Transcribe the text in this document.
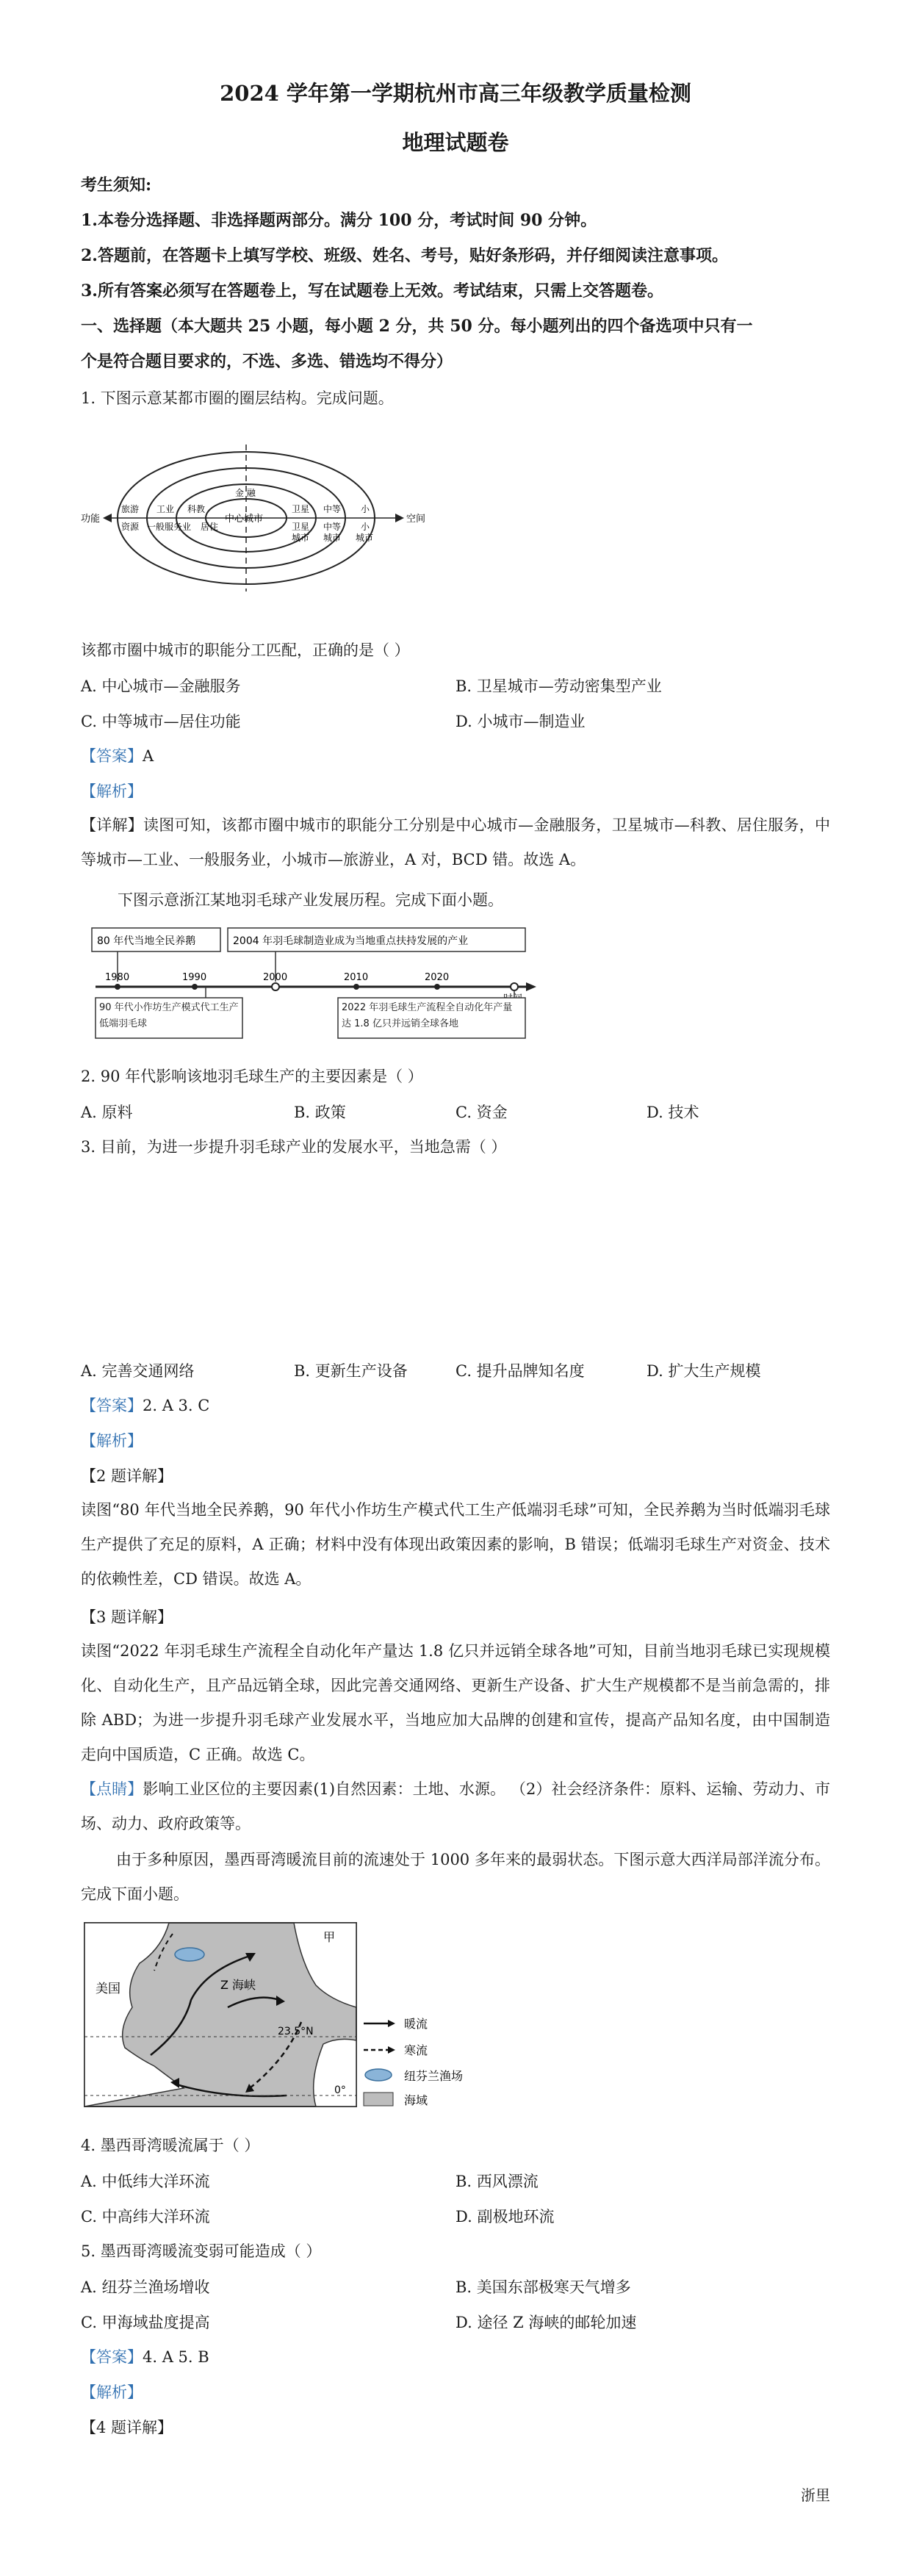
2024 学年第一学期杭州市高三年级教学质量检测
地理试题卷
考生须知:
1.本卷分选择题、非选择题两部分。满分 100 分，考试时间 90 分钟。
2.答题前，在答题卡上填写学校、班级、姓名、考号，贴好条形码，并仔细阅读注意事项。
3.所有答案必须写在答题卷上，写在试题卷上无效。考试结束，只需上交答题卷。
一、选择题（本大题共 25 小题，每小题 2 分，共 50 分。每小题列出的四个备选项中只有一
个是符合题目要求的，不选、多选、错选均不得分）
1. 下图示意某都市圈的圈层结构。完成问题。
功能	空间
旅游 工业 科教
金 融
卫星 中等 小
资源 一般服务业 居住
中心城市
卫星
城市
中等
城市
小
城市
该都市圈中城市的职能分工匹配，正确的是（ ）
A. 中心城市—金融服务	B. 卫星城市—劳动密集型产业
C. 中等城市—居住功能	D. 小城市—制造业
【答案】A
【解析】
【详解】读图可知，该都市圈中城市的职能分工分别是中心城市—金融服务，卫星城市—科教、居住服务，中等城市—工业、一般服务业，小城市—旅游业，A 对，BCD 错。故选 A。
下图示意浙江某地羽毛球产业发展历程。完成下面小题。
80 年代当地全民养鹅	2004 年羽毛球制造业成为当地重点扶持发展的产业
1980	1990	2000	2010	2020
90 年代小作坊生产模式代工生产低端羽毛球
2022 年羽毛球生产流程全自动化年产量达 1.8 亿只并远销全球各地
2. 90 年代影响该地羽毛球生产的主要因素是（ ）
A. 原料	B. 政策	C. 资金	D. 技术
3. 目前，为进一步提升羽毛球产业的发展水平，当地急需（ ）
A. 完善交通网络	B. 更新生产设备	C. 提升品牌知名度	D. 扩大生产规模
【答案】2. A 3. C
【解析】
【2 题详解】
读图“80 年代当地全民养鹅，90 年代小作坊生产模式代工生产低端羽毛球”可知，全民养鹅为当时低端羽毛球生产提供了充足的原料，A 正确；材料中没有体现出政策因素的影响，B 错误；低端羽毛球生产对资金、技术的依赖性差，CD 错误。故选 A。
【3 题详解】
读图“2022 年羽毛球生产流程全自动化年产量达 1.8 亿只并远销全球各地”可知，目前当地羽毛球已实现规模化、自动化生产，且产品远销全球，因此完善交通网络、更新生产设备、扩大生产规模都不是当前急需的，排除 ABD；为进一步提升羽毛球产业发展水平，当地应加大品牌的创建和宣传，提高产品知名度，由中国制造走向中国质造，C 正确。故选 C。
【点睛】影响工业区位的主要因素(1)自然因素：土地、水源。 （2）社会经济条件：原料、运输、劳动力、市场、动力、政府政策等。
由于多种原因，墨西哥湾暖流目前的流速处于 1000 多年来的最弱状态。下图示意大西洋局部洋流分布。完成下面小题。
美国	Z 海峡
甲
23.5°N
0°
暖流
寒流
纽芬兰渔场
海域
4. 墨西哥湾暖流属于（ ）
A. 中低纬大洋环流	B. 西风漂流
C. 中高纬大洋环流	D. 副极地环流
5. 墨西哥湾暖流变弱可能造成（ ）
A. 纽芬兰渔场增收	B. 美国东部极寒天气增多
C. 甲海域盐度提高	D. 途径 Z 海峡的邮轮加速
【答案】4. A 5. B
【解析】
【4 题详解】
浙里
